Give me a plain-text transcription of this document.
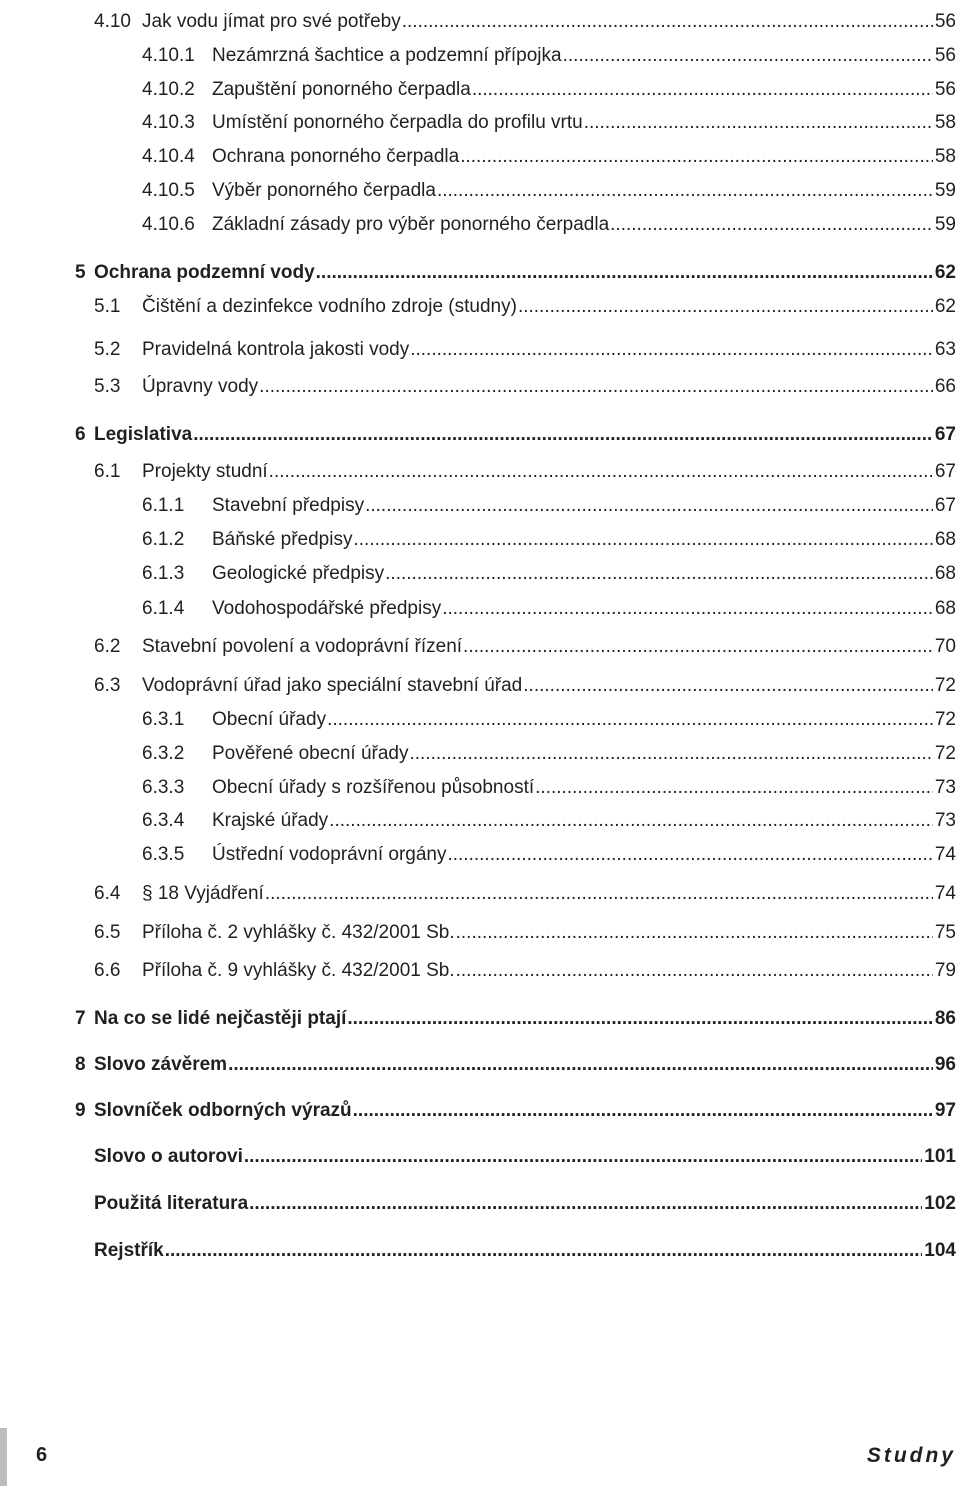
4.10 Jak vodu jímat pro své potřeby .....	56
4.10.1 Nezámrzná šachtice a podzemní přípojka .....	56
4.10.2 Zapuštění ponorného čerpadla .....	56
4.10.3 Umístění ponorného čerpadla do profilu vrtu .....	58
4.10.4 Ochrana ponorného čerpadla .....	58
4.10.5 Výběr ponorného čerpadla .....	59
4.10.6 Základní zásady pro výběr ponorného čerpadla .....	59
5 Ochrana podzemní vody .....	62
5.1	Čištění a dezinfekce vodního zdroje (studny) .....	62
5.2	Pravidelná kontrola jakosti vody .....	63
5.3	Úpravny vody .....	66
6 Legislativa .....	67
6.1	Projekty studní .....	67
6.1.1	Stavební předpisy .....	67
6.1.2	Báňské předpisy .....	68
6.1.3	Geologické předpisy .....	68
6.1.4	Vodohospodářské předpisy .....	68
6.2	Stavební povolení a vodoprávní řízení .....	70
6.3	Vodoprávní úřad jako speciální stavební úřad .....	72
6.3.1	Obecní úřady .....	72
6.3.2	Pověřené obecní úřady .....	72
6.3.3	Obecní úřady s rozšířenou působností .....	73
6.3.4	Krajské úřady .....	73
6.3.5	Ústřední vodoprávní orgány .....	74
6.4	§ 18 Vyjádření .....	74
6.5	Příloha č. 2 vyhlášky č. 432/2001 Sb. .....	75
6.6	Příloha č. 9 vyhlášky č. 432/2001 Sb. .....	79
7 Na co se lidé nejčastěji ptají .....	86
8 Slovo závěrem .....	96
9 Slovníček odborných výrazů .....	97
Slovo o autorovi .....	101
Použitá literatura .....	102
Rejstřík .....	104
6	Studny
